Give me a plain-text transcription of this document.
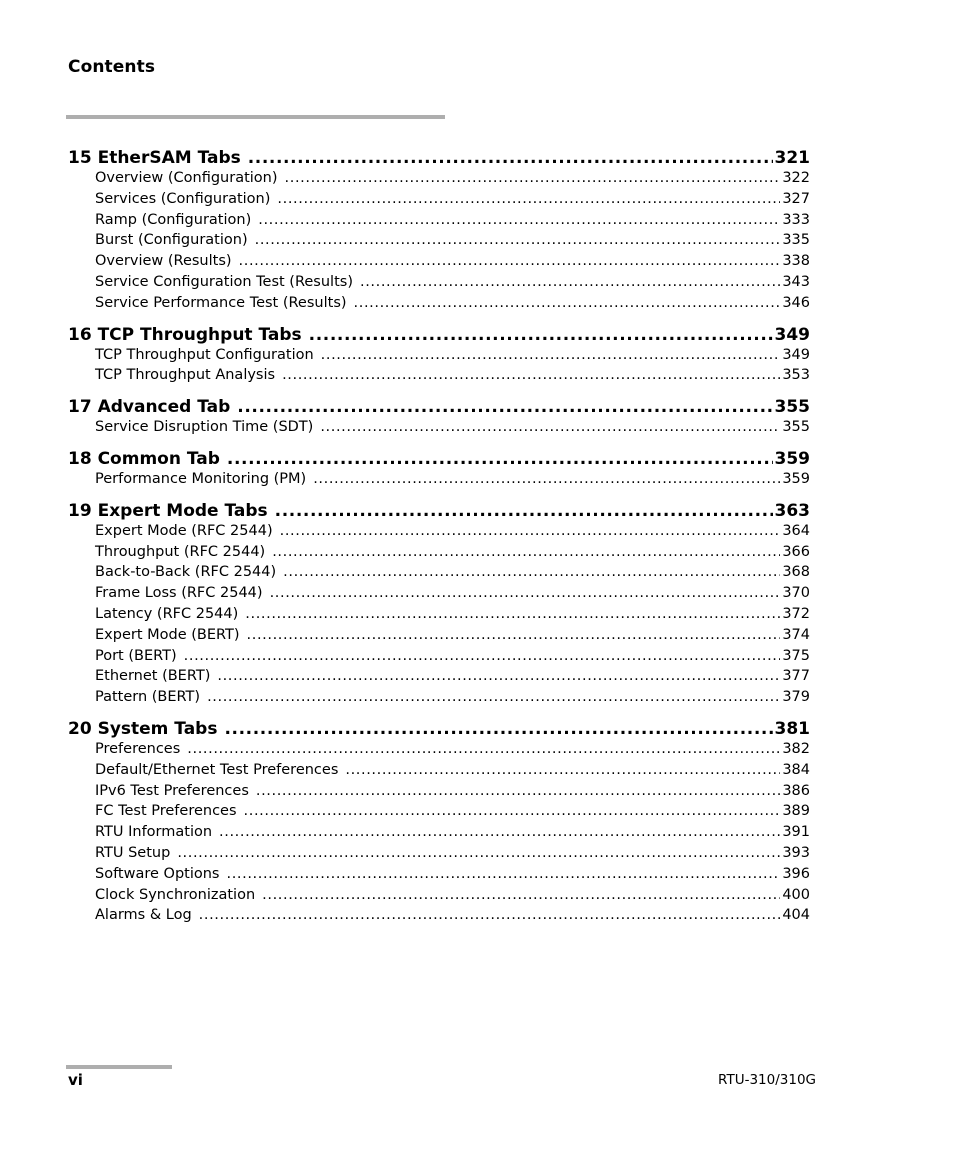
Contents
15 EtherSAM Tabs .....	321
Overview (Configuration) .....	322
Services (Configuration) .....	327
Ramp (Configuration) .....	333
Burst (Configuration) .....	335
Overview (Results) .....	338
Service Configuration Test (Results) .....	343
Service Performance Test (Results) .....	346
16 TCP Throughput Tabs .....	349
TCP Throughput Configuration .....	349
TCP Throughput Analysis .....	353
17 Advanced Tab .....	355
Service Disruption Time (SDT) .....	355
18 Common Tab .....	359
Performance Monitoring (PM) .....	359
19 Expert Mode Tabs .....	363
Expert Mode (RFC 2544) .....	364
Throughput (RFC 2544) .....	366
Back-to-Back (RFC 2544) .....	368
Frame Loss (RFC 2544) .....	370
Latency (RFC 2544) .....	372
Expert Mode (BERT) .....	374
Port (BERT) .....	375
Ethernet (BERT) .....	377
Pattern (BERT) .....	379
20 System Tabs .....	381
Preferences .....	382
Default/Ethernet Test Preferences .....	384
IPv6 Test Preferences .....	386
FC Test Preferences .....	389
RTU Information .....	391
RTU Setup .....	393
Software Options .....	396
Clock Synchronization .....	400
Alarms & Log .....	404
vi	RTU-310/310G
